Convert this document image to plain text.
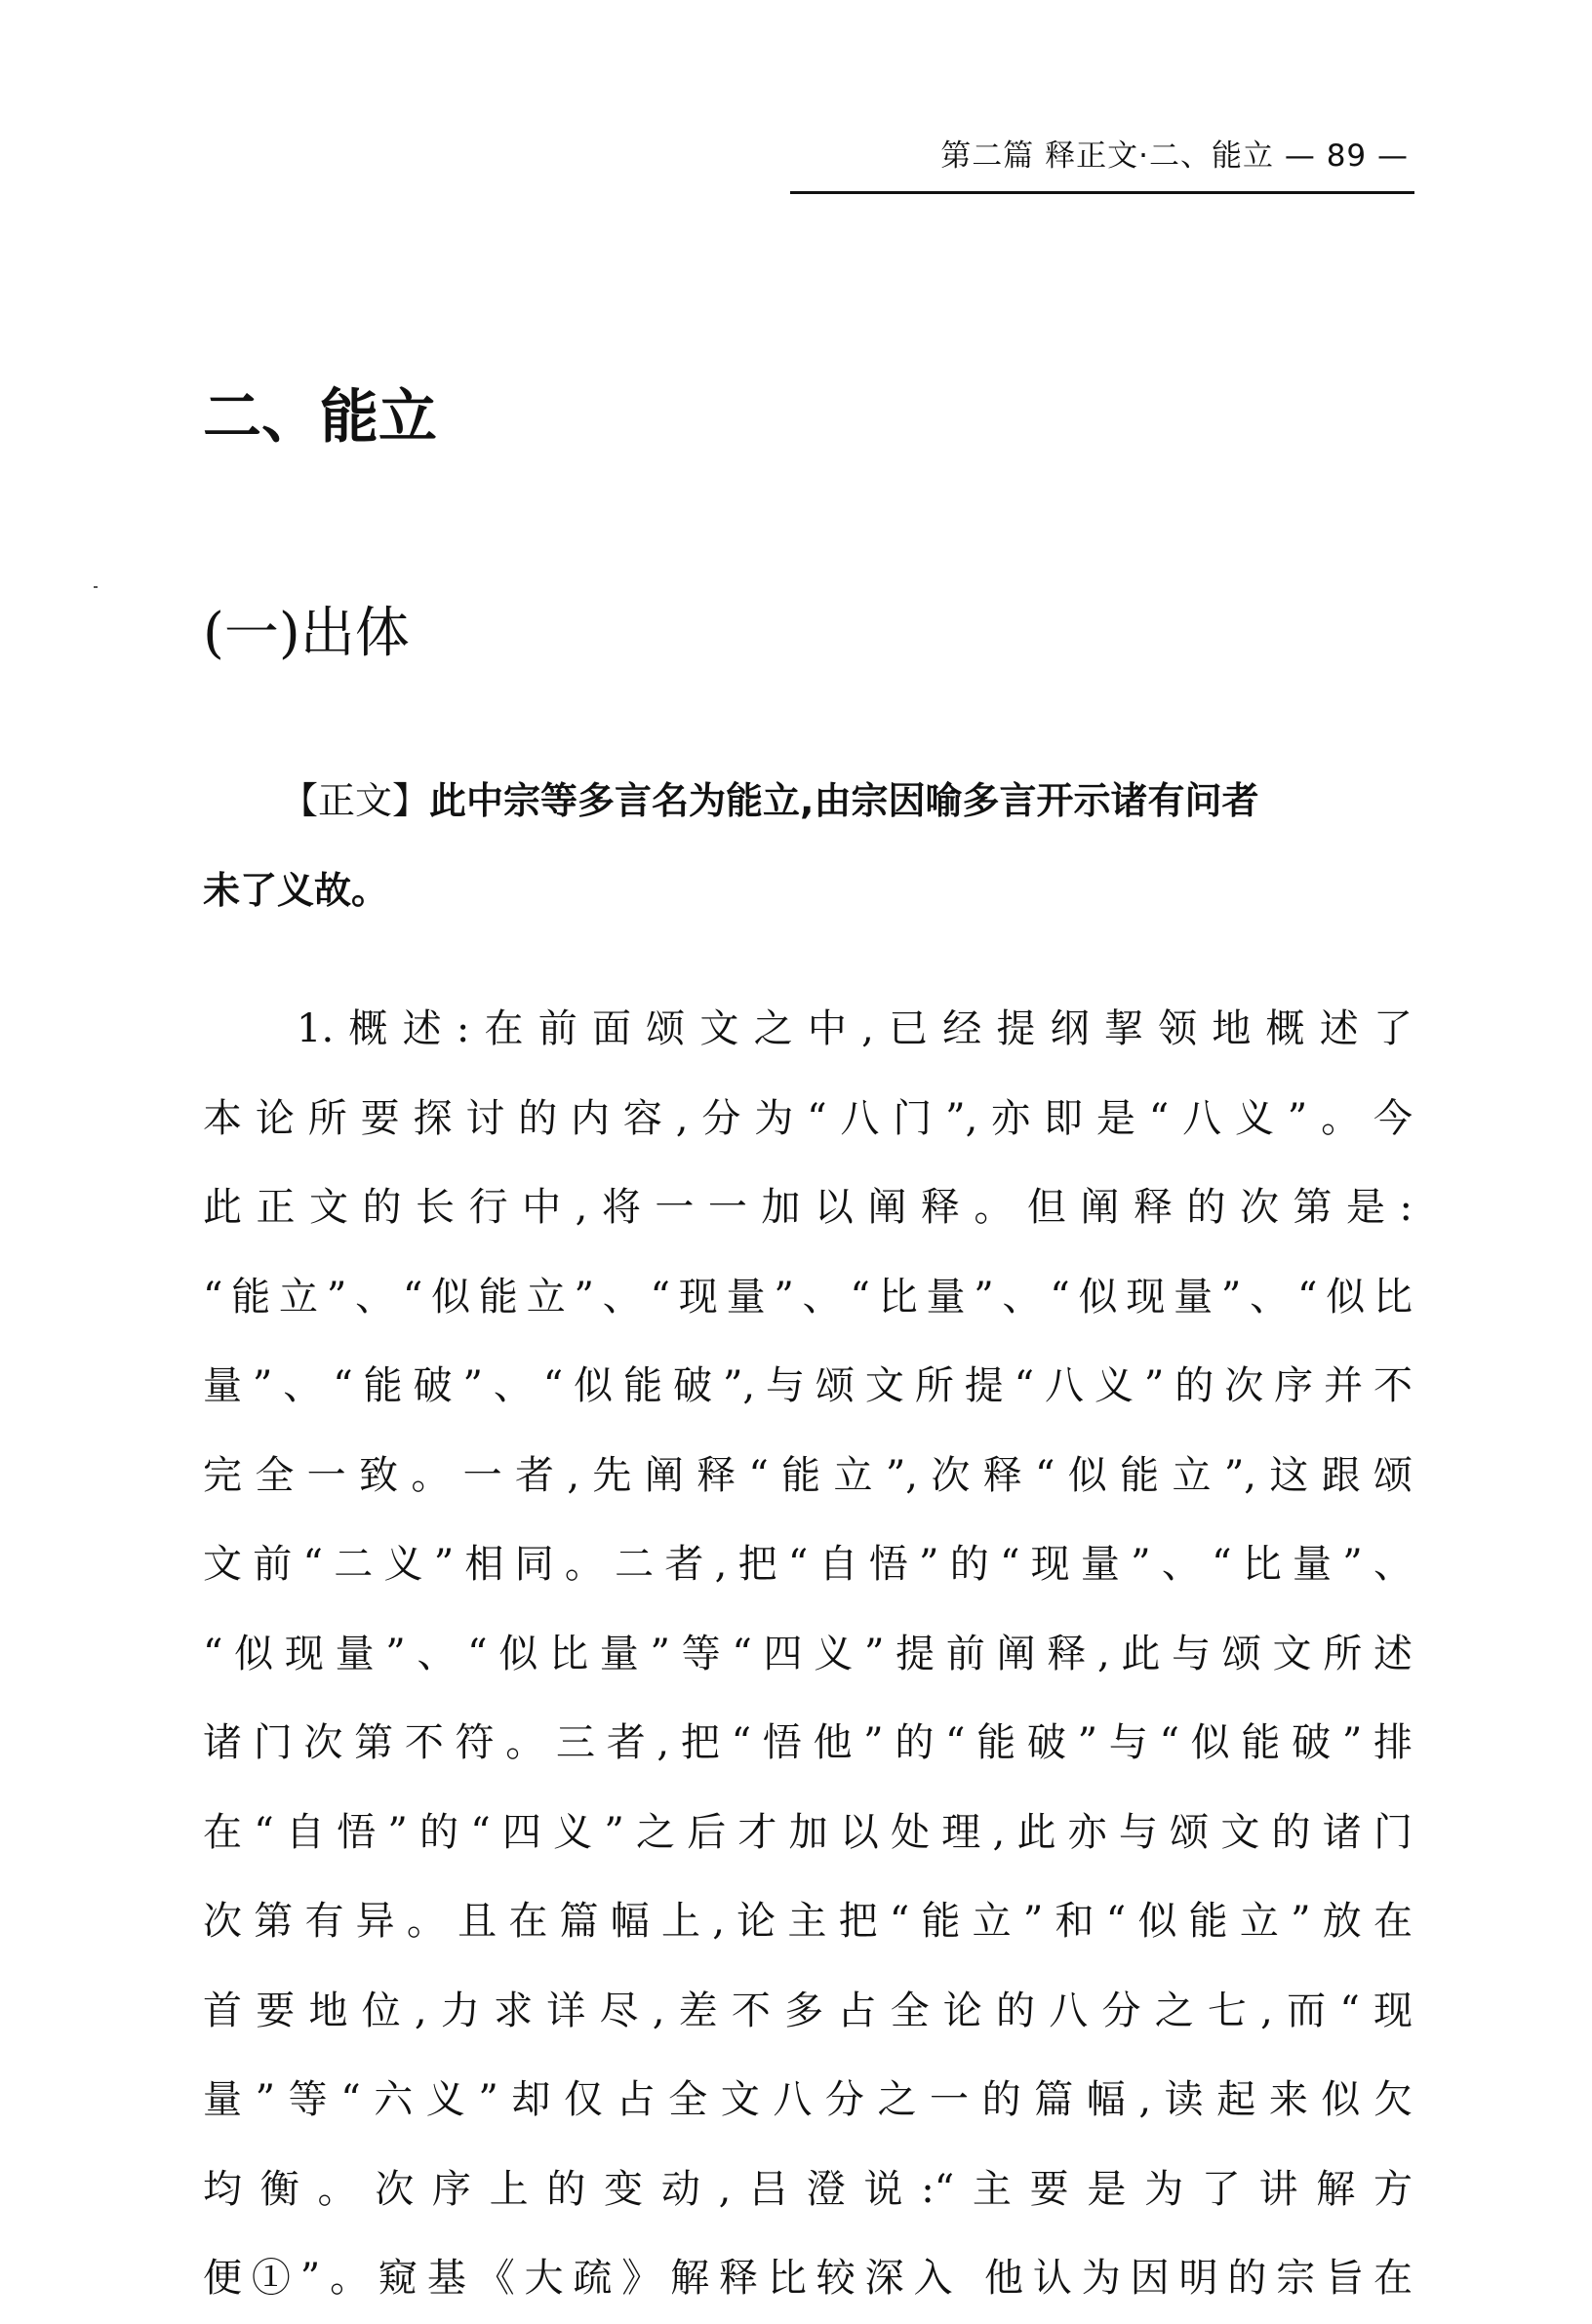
第二篇 释正文·二、能立 — 89 —
二、能立
(一)出体
【正文】此中宗等多言名为能立,由宗因喻多言开示诸有问者
未了义故。
1.概述:在前面颂文之中,已经提纲挈领地概述了
本论所要探讨的内容,分为“八门”,亦即是“八义”。今
此正文的长行中,将一一加以阐释。但阐释的次第是:
“能立”、“似能立”、“现量”、“比量”、“似现量”、“似比
量”、“能破”、“似能破”,与颂文所提“八义”的次序并不
完全一致。一者,先阐释“能立”,次释“似能立”,这跟颂
文前“二义”相同。二者,把“自悟”的“现量”、“比量”、
“似现量”、“似比量”等“四义”提前阐释,此与颂文所述
诸门次第不符。三者,把“悟他”的“能破”与“似能破”排
在“自悟”的“四义”之后才加以处理,此亦与颂文的诸门
次第有异。且在篇幅上,论主把“能立”和“似能立”放在
首要地位,力求详尽,差不多占全论的八分之七,而“现
量”等“六义”却仅占全文八分之一的篇幅,读起来似欠
均衡。次序上的变动,吕澄说:“主要是为了讲解方
便①”。窥基《大疏》解释比较深入 他认为因明的宗旨在
